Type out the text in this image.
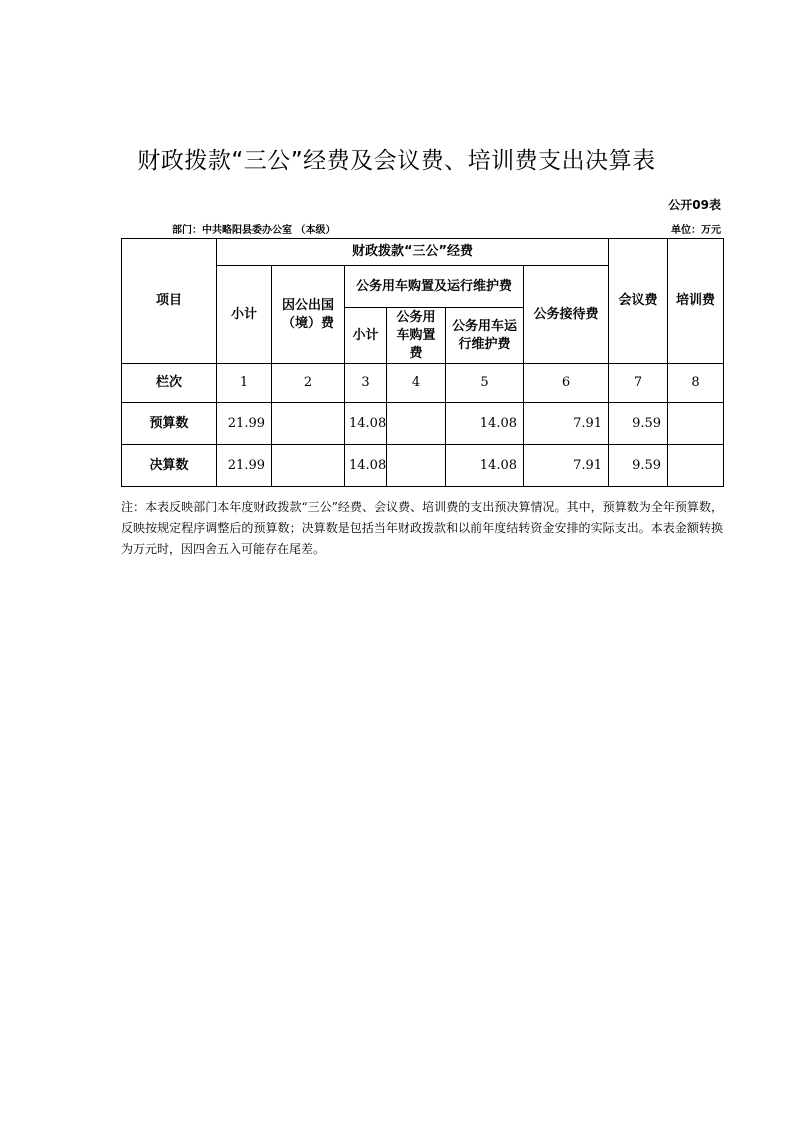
财政拨款“三公”经费及会议费、培训费支出决算表
公开09表
部门：中共略阳县委办公室 （本级）	单位：万元
项目	财政拨款“三公”经费						会议费	培训费
	小计	因公出国（境）费	公务用车购置及运行维护费			公务接待费		
			小计	公务用车购置费	公务用车运行维护费			
栏次	1	2	3	4	5	6	7	8
预算数	21.99		14.08		14.08	7.91	9.59	
决算数	21.99		14.08		14.08	7.91	9.59	
注：本表反映部门本年度财政拨款“三公”经费、会议费、培训费的支出预决算情况。其中，预算数为全年预算数，反映按规定程序调整后的预算数；决算数是包括当年财政拨款和以前年度结转资金安排的实际支出。本表金额转换为万元时，因四舍五入可能存在尾差。
